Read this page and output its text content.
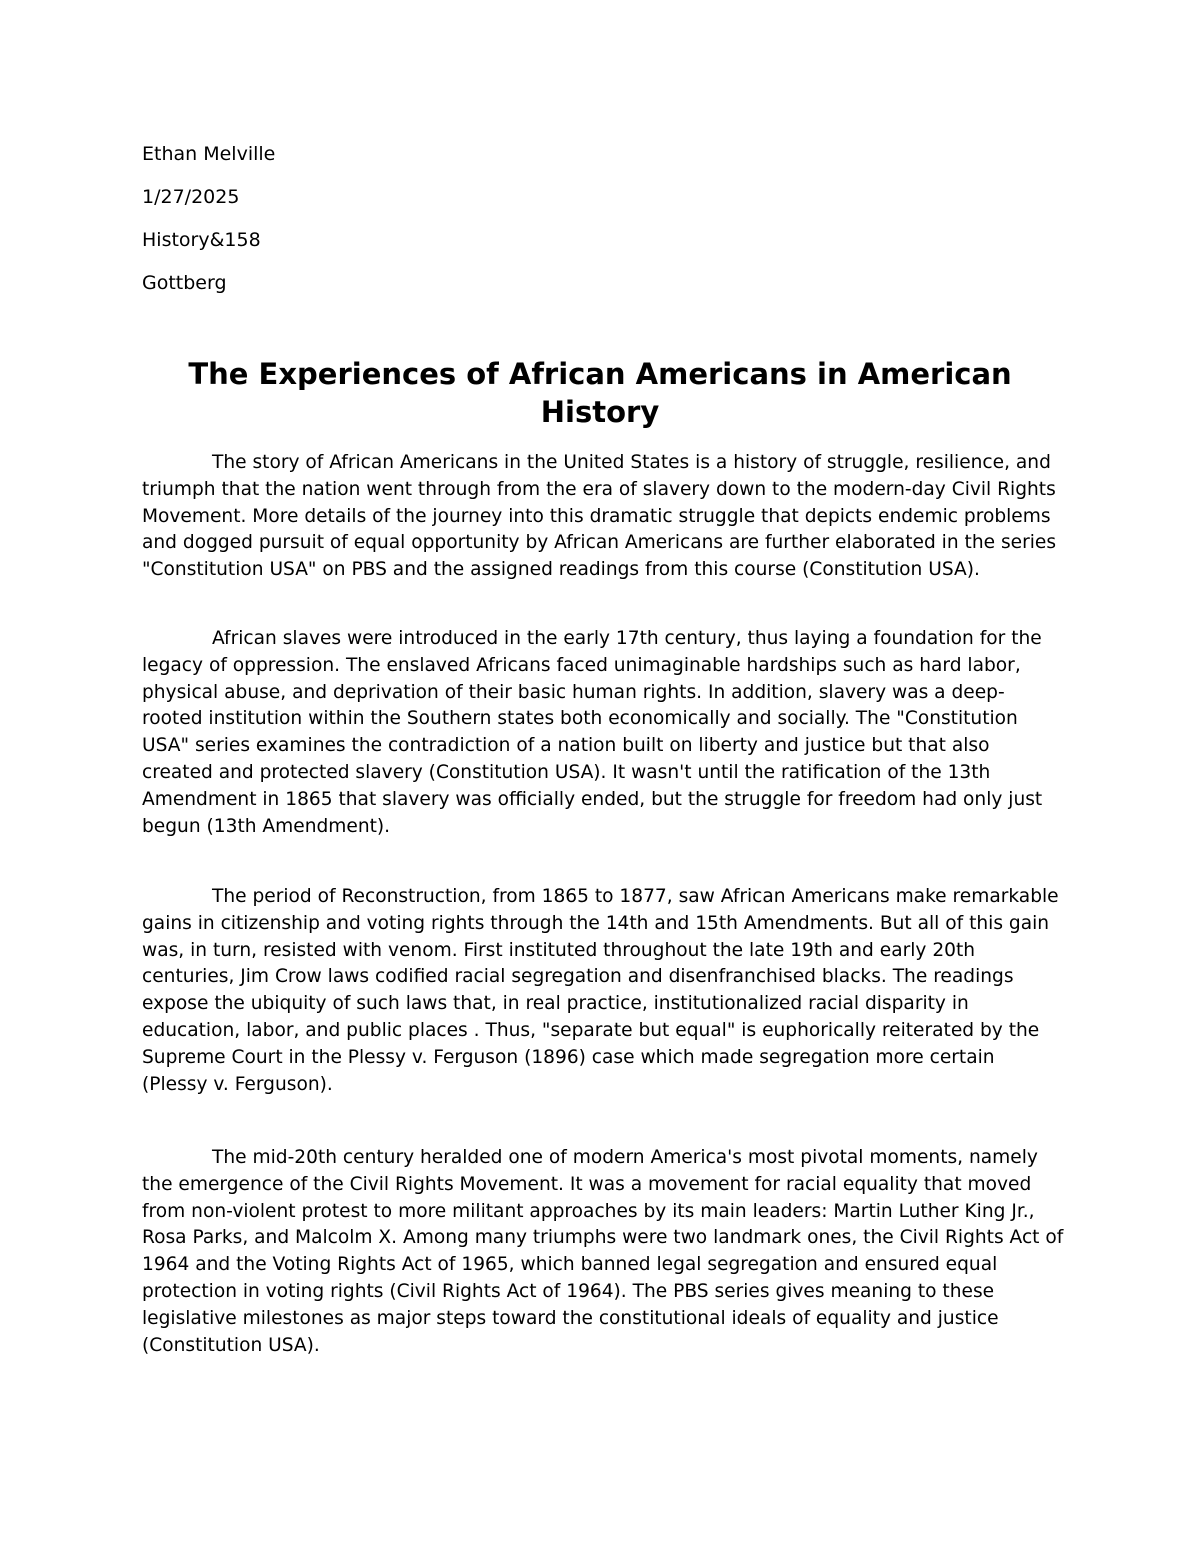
Ethan Melville
1/27/2025
History&158
Gottberg
The Experiences of African Americans in American History

The story of African Americans in the United States is a history of struggle, resilience, and triumph that the nation went through from the era of slavery down to the modern-day Civil Rights Movement. More details of the journey into this dramatic struggle that depicts endemic problems and dogged pursuit of equal opportunity by African Americans are further elaborated in the series "Constitution USA" on PBS and the assigned readings from this course (Constitution USA).

African slaves were introduced in the early 17th century, thus laying a foundation for the legacy of oppression. The enslaved Africans faced unimaginable hardships such as hard labor, physical abuse, and deprivation of their basic human rights. In addition, slavery was a deep-rooted institution within the Southern states both economically and socially. The "Constitution USA" series examines the contradiction of a nation built on liberty and justice but that also created and protected slavery (Constitution USA). It wasn't until the ratification of the 13th Amendment in 1865 that slavery was officially ended, but the struggle for freedom had only just begun (13th Amendment).

The period of Reconstruction, from 1865 to 1877, saw African Americans make remarkable gains in citizenship and voting rights through the 14th and 15th Amendments. But all of this gain was, in turn, resisted with venom. First instituted throughout the late 19th and early 20th centuries, Jim Crow laws codified racial segregation and disenfranchised blacks. The readings expose the ubiquity of such laws that, in real practice, institutionalized racial disparity in education, labor, and public places . Thus, "separate but equal" is euphorically reiterated by the Supreme Court in the Plessy v. Ferguson (1896) case which made segregation more certain (Plessy v. Ferguson).

The mid-20th century heralded one of modern America's most pivotal moments, namely the emergence of the Civil Rights Movement. It was a movement for racial equality that moved from non-violent protest to more militant approaches by its main leaders: Martin Luther King Jr., Rosa Parks, and Malcolm X. Among many triumphs were two landmark ones, the Civil Rights Act of 1964 and the Voting Rights Act of 1965, which banned legal segregation and ensured equal protection in voting rights (Civil Rights Act of 1964). The PBS series gives meaning to these legislative milestones as major steps toward the constitutional ideals of equality and justice (Constitution USA).
